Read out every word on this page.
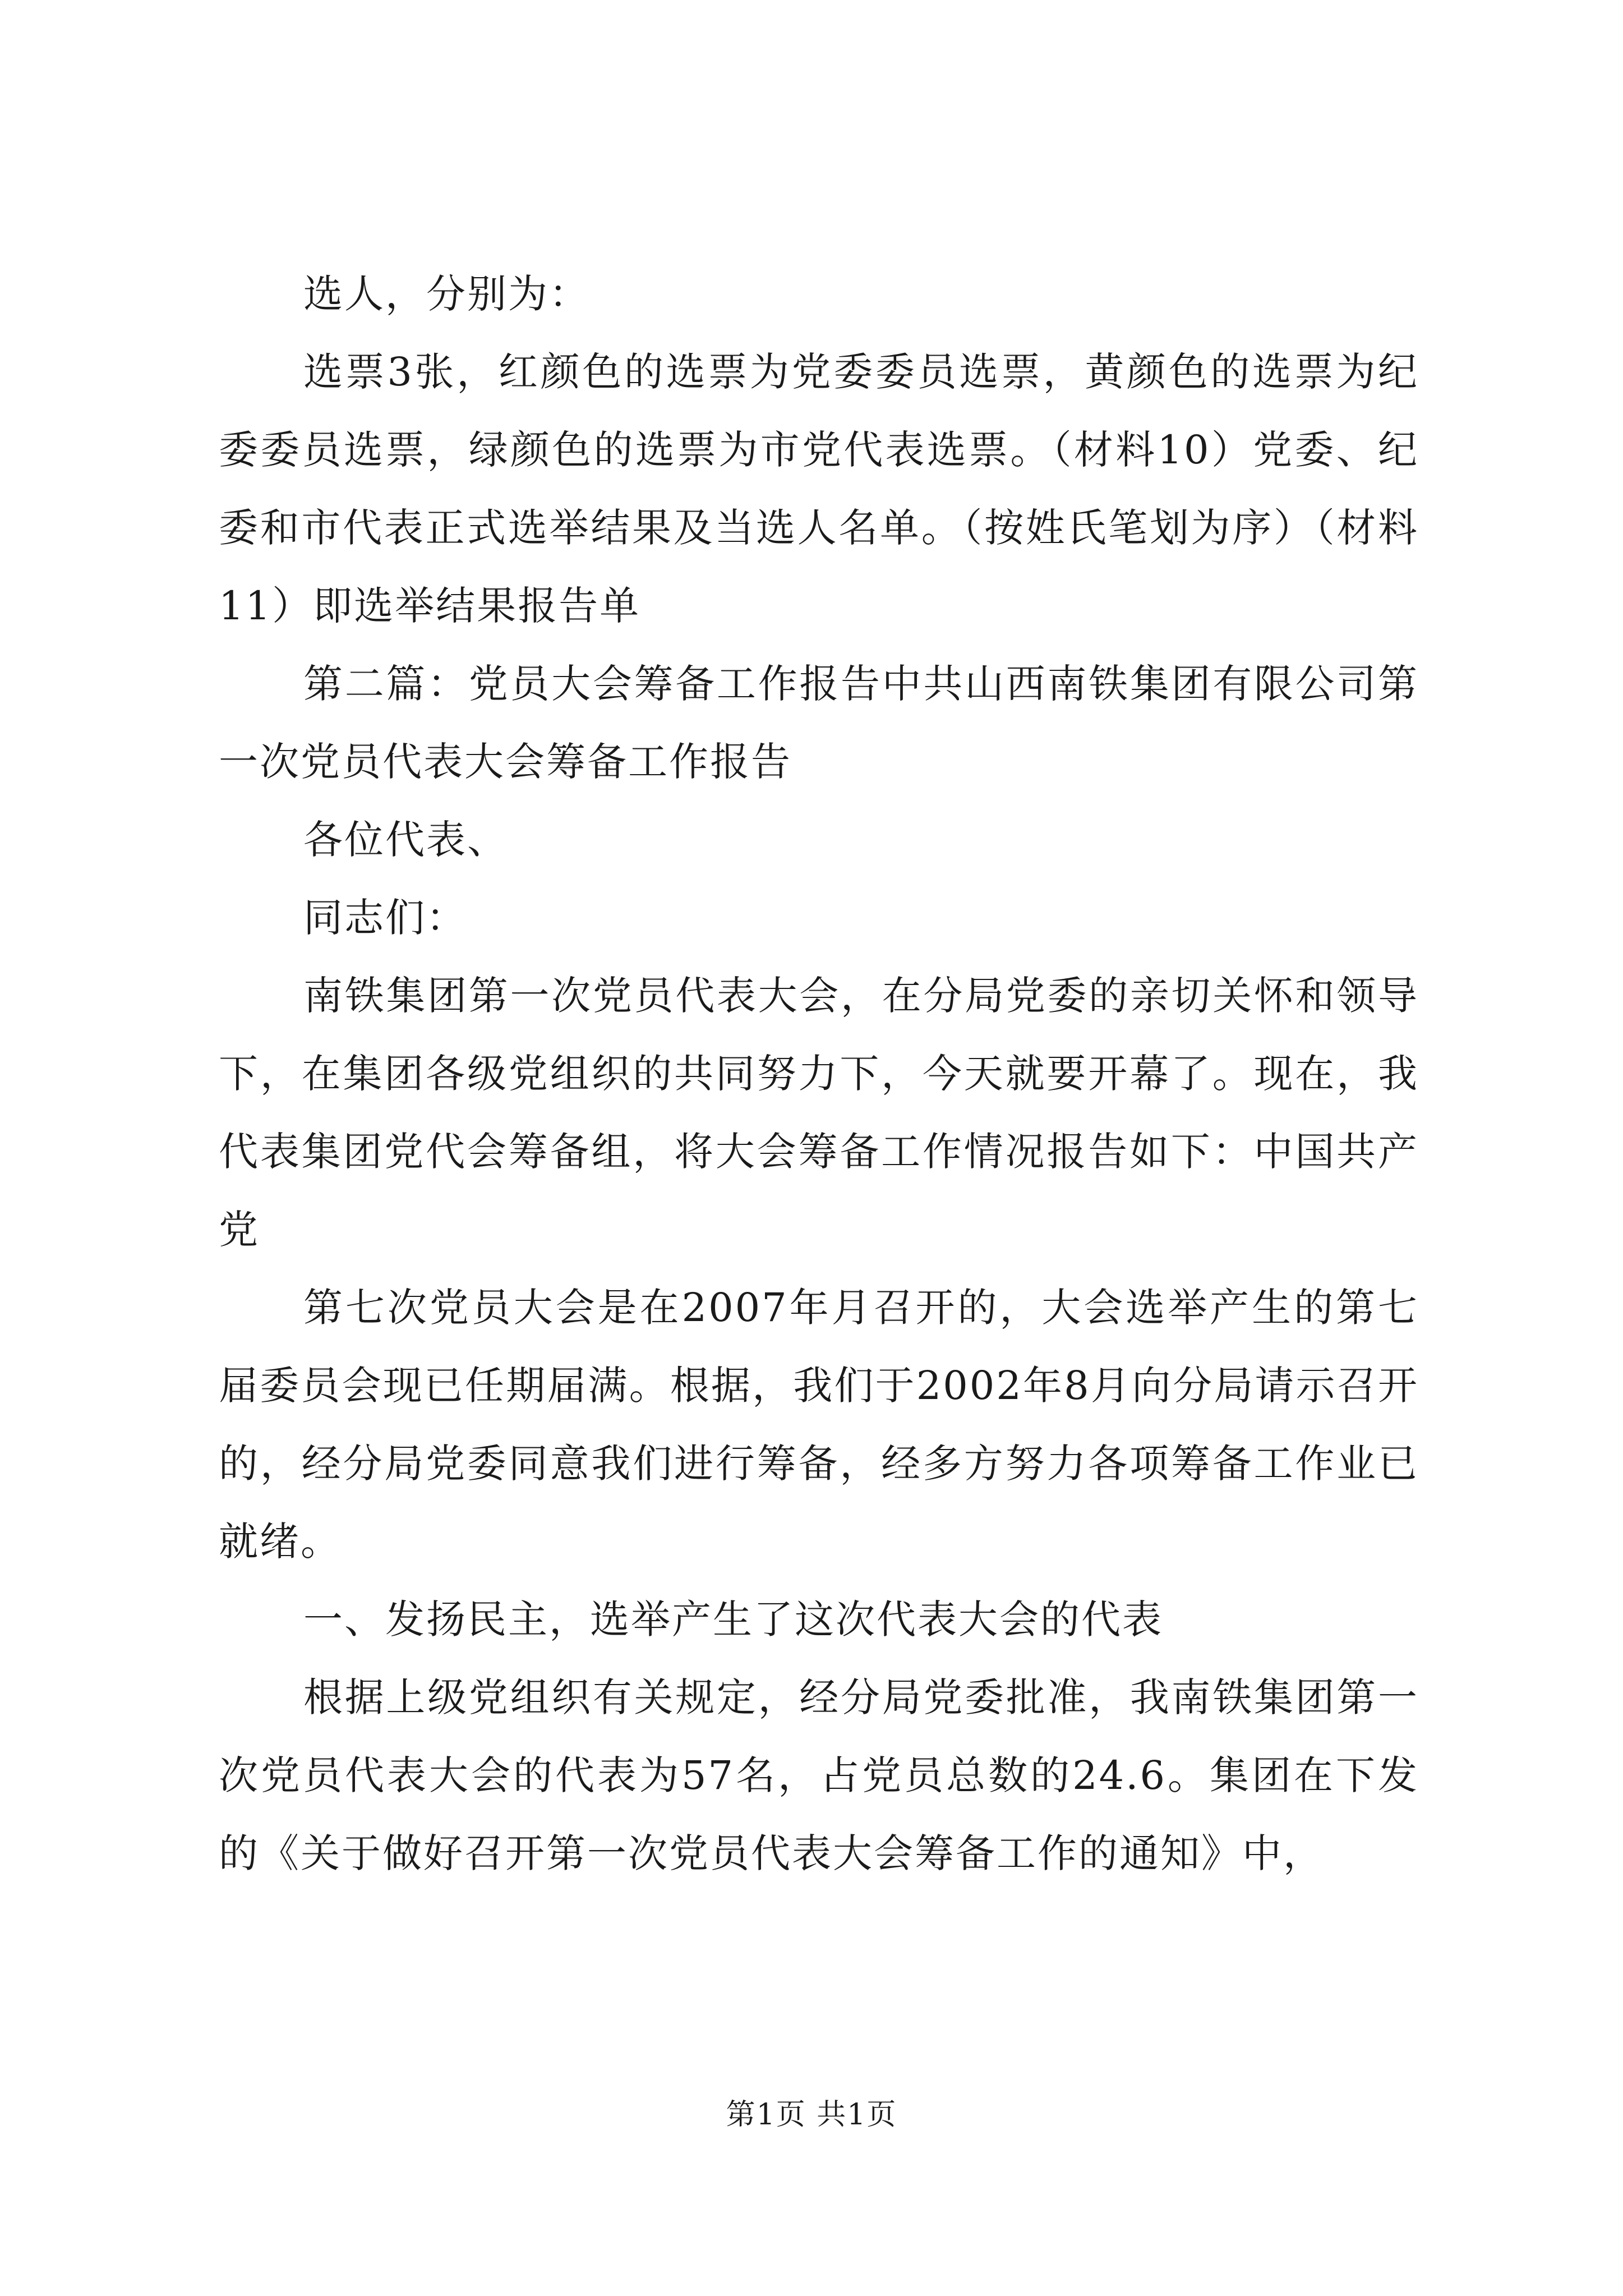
选人，分别为：

选票3张，红颜色的选票为党委委员选票，黄颜色的选票为纪委委员选票，绿颜色的选票为市党代表选票。（材料10）党委、纪委和市代表正式选举结果及当选人名单。（按姓氏笔划为序）（材料11）即选举结果报告单

第二篇：党员大会筹备工作报告中共山西南铁集团有限公司第一次党员代表大会筹备工作报告

各位代表、

同志们：

南铁集团第一次党员代表大会，在分局党委的亲切关怀和领导下，在集团各级党组织的共同努力下，今天就要开幕了。现在，我代表集团党代会筹备组，将大会筹备工作情况报告如下：中国共产党

第七次党员大会是在2007年月召开的，大会选举产生的第七届委员会现已任期届满。根据，我们于2002年8月向分局请示召开的，经分局党委同意我们进行筹备，经多方努力各项筹备工作业已就绪。

一、发扬民主，选举产生了这次代表大会的代表

根据上级党组织有关规定，经分局党委批准，我南铁集团第一次党员代表大会的代表为57名，占党员总数的24.6。集团在下发的《关于做好召开第一次党员代表大会筹备工作的通知》中，

第1页 共1页
